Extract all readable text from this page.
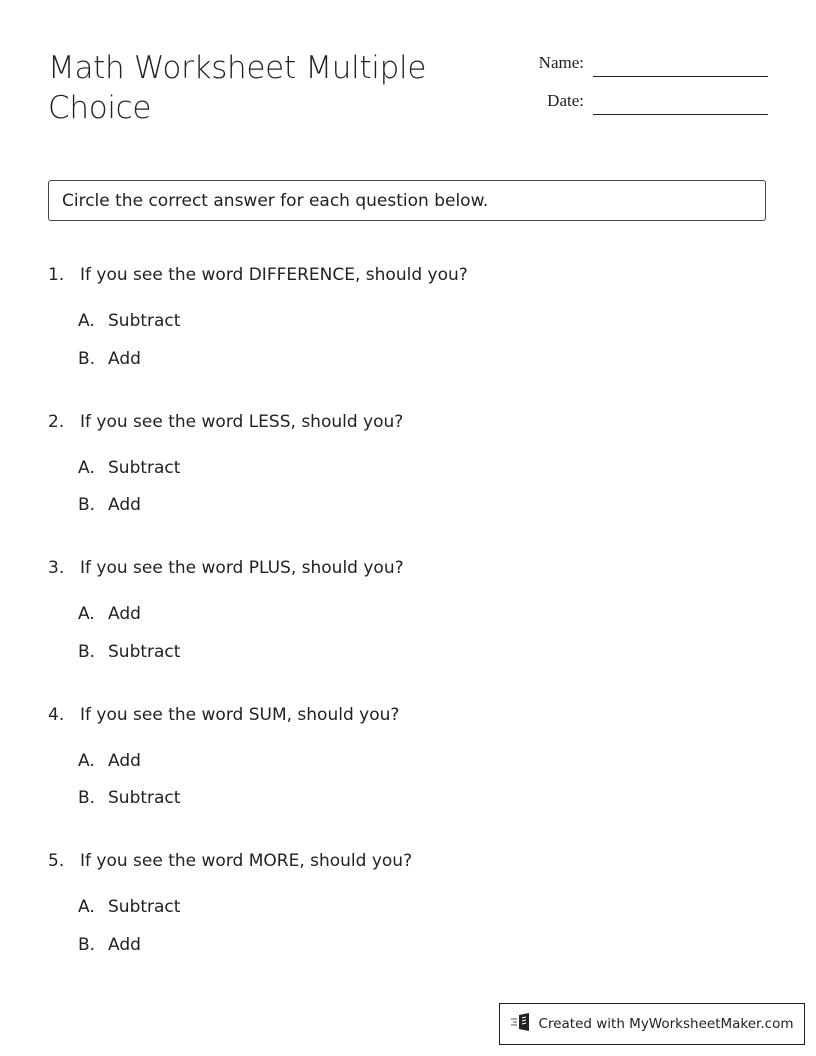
Math Worksheet Multiple Choice
Name:
Date:
Circle the correct answer for each question below.
1. If you see the word DIFFERENCE, should you?
A. Subtract
B. Add
2. If you see the word LESS, should you?
A. Subtract
B. Add
3. If you see the word PLUS, should you?
A. Add
B. Subtract
4. If you see the word SUM, should you?
A. Add
B. Subtract
5. If you see the word MORE, should you?
A. Subtract
B. Add
Created with MyWorksheetMaker.com
